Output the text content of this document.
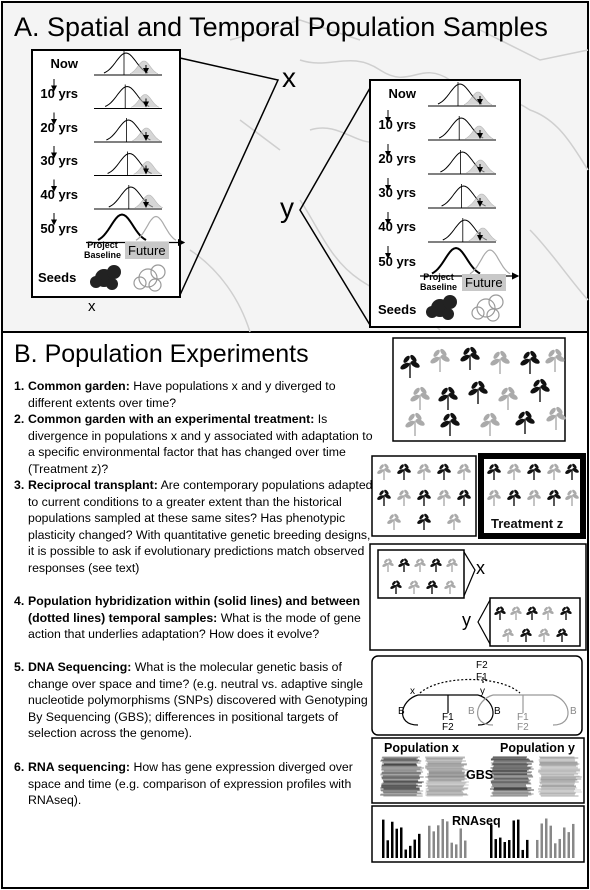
A. Spatial and Temporal Population Samples
x
y
x
Now
10 yrs
20 yrs
30 yrs
40 yrs
50 yrs
Project
Baseline Future
Seeds
Now
10 yrs
20 yrs
30 yrs
40 yrs
50 yrs
Project
Baseline Future
Seeds
B. Population Experiments
1. Common garden: Have populations x and y diverged to different extents over time?
2. Common garden with an experimental treatment: Is divergence in populations x and y associated with adaptation to a specific environmental factor that has changed over time (Treatment z)?
3. Reciprocal transplant: Are contemporary populations adapted to current conditions to a greater extent than the historical populations sampled at these same sites? Has phenotypic plasticity changed? With quantitative genetic breeding designs, it is possible to ask if evolutionary predictions match observed responses (see text)
4. Population hybridization within (solid lines) and between (dotted lines) temporal samples: What is the mode of gene action that underlies adaptation? How does it evolve?
5. DNA Sequencing: What is the molecular genetic basis of change over space and time? (e.g. neutral vs. adaptive single nucleotide polymorphisms (SNPs) discovered with Genotyping By Sequencing (GBS); differences in positional targets of selection across the genome).
6. RNA sequencing: How has gene expression diverged over space and time (e.g. comparison of expression profiles with RNAseq).
Treatment z
x
y
F2
F1
x	y
B	B
B	B
F1
F2
F1
F2
Population x	Population y
GBS
RNAseq
